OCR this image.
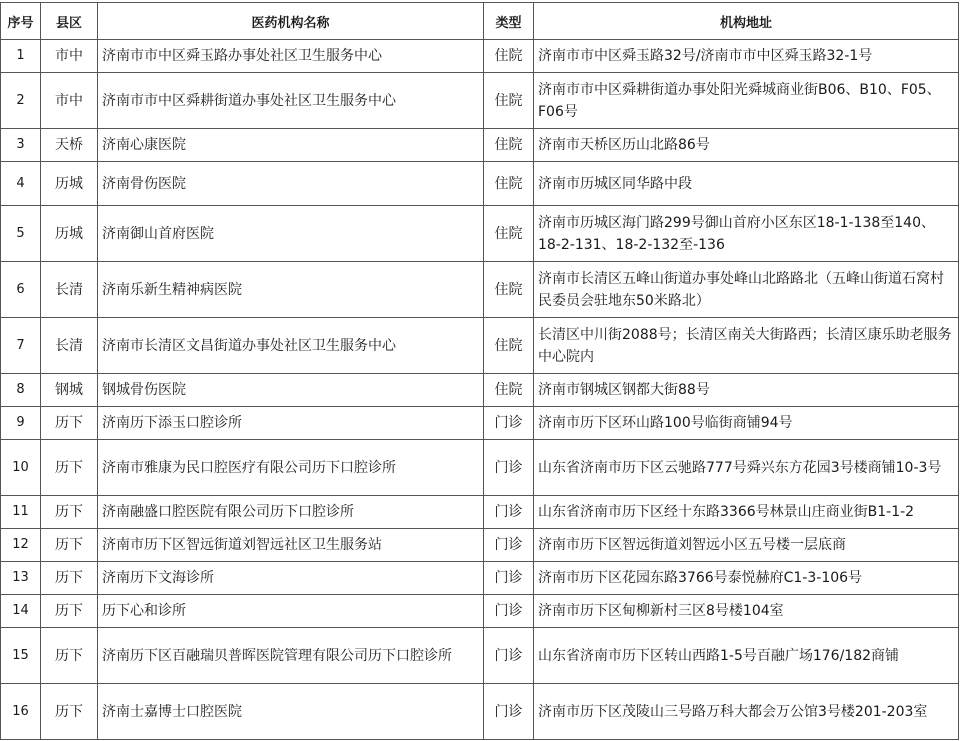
序号	县区	医药机构名称	类型	机构地址
1	市中	济南市市中区舜玉路办事处社区卫生服务中心	住院	济南市市中区舜玉路32号/济南市市中区舜玉路32-1号
2	市中	济南市市中区舜耕街道办事处社区卫生服务中心	住院	济南市市中区舜耕街道办事处阳光舜城商业街B06、B10、F05、F06号
3	天桥	济南心康医院	住院	济南市天桥区历山北路86号
4	历城	济南骨伤医院	住院	济南市历城区同华路中段
5	历城	济南御山首府医院	住院	济南市历城区海门路299号御山首府小区东区18-1-138至140、18-2-131、18-2-132至-136
6	长清	济南乐新生精神病医院	住院	济南市长清区五峰山街道办事处峰山北路路北（五峰山街道石窝村民委员会驻地东50米路北）
7	长清	济南市长清区文昌街道办事处社区卫生服务中心	住院	长清区中川街2088号；长清区南关大街路西；长清区康乐助老服务中心院内
8	钢城	钢城骨伤医院	住院	济南市钢城区钢都大街88号
9	历下	济南历下添玉口腔诊所	门诊	济南市历下区环山路100号临街商铺94号
10	历下	济南市雅康为民口腔医疗有限公司历下口腔诊所	门诊	山东省济南市历下区云驰路777号舜兴东方花园3号楼商铺10-3号
11	历下	济南融盛口腔医院有限公司历下口腔诊所	门诊	山东省济南市历下区经十东路3366号林景山庄商业街B1-1-2
12	历下	济南市历下区智远街道刘智远社区卫生服务站	门诊	济南市历下区智远街道刘智远小区五号楼一层底商
13	历下	济南历下文海诊所	门诊	济南市历下区花园东路3766号泰悦赫府C1-3-106号
14	历下	历下心和诊所	门诊	济南市历下区甸柳新村三区8号楼104室
15	历下	济南历下区百融瑞贝普晖医院管理有限公司历下口腔诊所	门诊	山东省济南市历下区转山西路1-5号百融广场176/182商铺
16	历下	济南士嘉博士口腔医院	门诊	济南市历下区茂陵山三号路万科大都会万公馆3号楼201-203室
